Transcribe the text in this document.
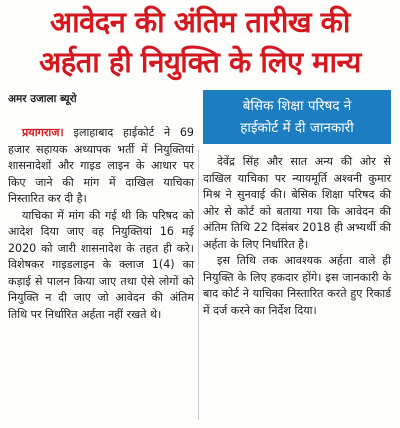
आवेदन की अंतिम तारीख की
अर्हता ही नियुक्ति के लिए मान्य
अमर उजाला ब्यूरो	बेसिक शिक्षा परिषद ने
हाईकोर्ट में दी जानकारी

प्रयागराज। इलाहाबाद हाईकोर्ट ने 69 हजार सहायक अध्यापक भर्ती में नियुक्तियां शासनादेशों और गाइड लाइन के आधार पर किए जाने की मांग में दाखिल याचिका निस्तारित कर दी है।

याचिका में मांग की गई थी कि परिषद को आदेश दिया जाए वह नियुक्तियां 16 मई 2020 को जारी शासनादेश के तहत ही करे। विशेषकर गाइडलाइन के क्लाज 1(4) का कड़ाई से पालन किया जाए तथा ऐसे लोगों को नियुक्ति न दी जाए जो आवेदन की अंतिम तिथि पर निर्धारित अर्हता नहीं रखते थे।

देवेंद्र सिंह और सात अन्य की ओर से दाखिल याचिका पर न्यायमूर्ति अश्वनी कुमार मिश्र ने सुनवाई की। बेसिक शिक्षा परिषद की ओर से कोर्ट को बताया गया कि आवेदन की अंतिम तिथि 22 दिसंबर 2018 ही अभ्यर्थी की अर्हता के लिए निर्धारित है।

इस तिथि तक आवश्यक अर्हता वाले ही नियुक्ति के लिए हकदार होंगे। इस जानकारी के बाद कोर्ट ने याचिका निस्तारित करते हुए रिकार्ड में दर्ज करने का निर्देश दिया।
